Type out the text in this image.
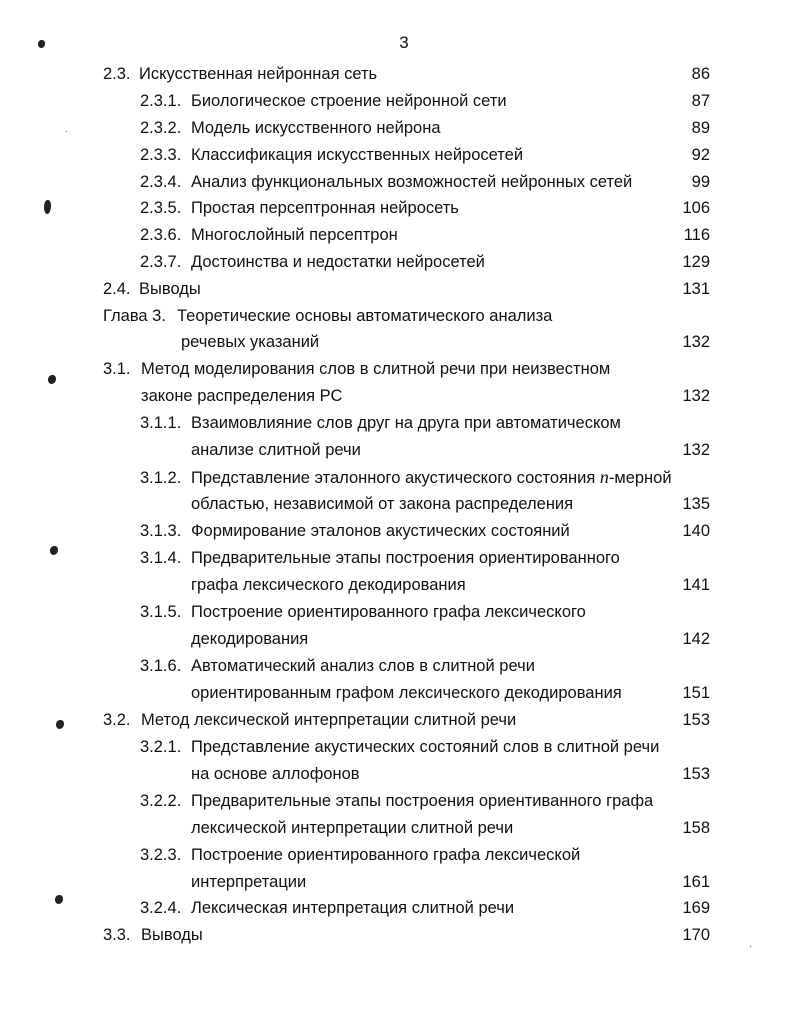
3
2.3. Искусственная нейронная сеть	86
2.3.1. Биологическое строение нейронной сети	87
2.3.2. Модель искусственного нейрона	89
2.3.3. Классификация искусственных нейросетей	92
2.3.4. Анализ функциональных возможностей нейронных сетей	99
2.3.5. Простая персептронная нейросеть	106
2.3.6. Многослойный персептрон	116
2.3.7. Достоинства и недостатки нейросетей	129
2.4. Выводы	131
Глава 3. Теоретические основы автоматического анализа
речевых указаний	132
3.1. Метод моделирования слов в слитной речи при неизвестном
законе распределения РС	132
3.1.1. Взаимовлияние слов друг на друга при автоматическом
анализе слитной речи	132
3.1.2. Представление эталонного акустического состояния n-мерной
областью, независимой от закона распределения	135
3.1.3. Формирование эталонов акустических состояний	140
3.1.4. Предварительные этапы построения ориентированного
графа лексического декодирования	141
3.1.5. Построение ориентированного графа лексического
декодирования	142
3.1.6. Автоматический анализ слов в слитной речи
ориентированным графом лексического декодирования	151
3.2. Метод лексической интерпретации слитной речи	153
3.2.1. Представление акустических состояний слов в слитной речи
на основе аллофонов	153
3.2.2. Предварительные этапы построения ориентиванного графа
лексической интерпретации слитной речи	158
3.2.3. Построение ориентированного графа лексической
интерпретации	161
3.2.4. Лексическая интерпретация слитной речи	169
3.3. Выводы	170
